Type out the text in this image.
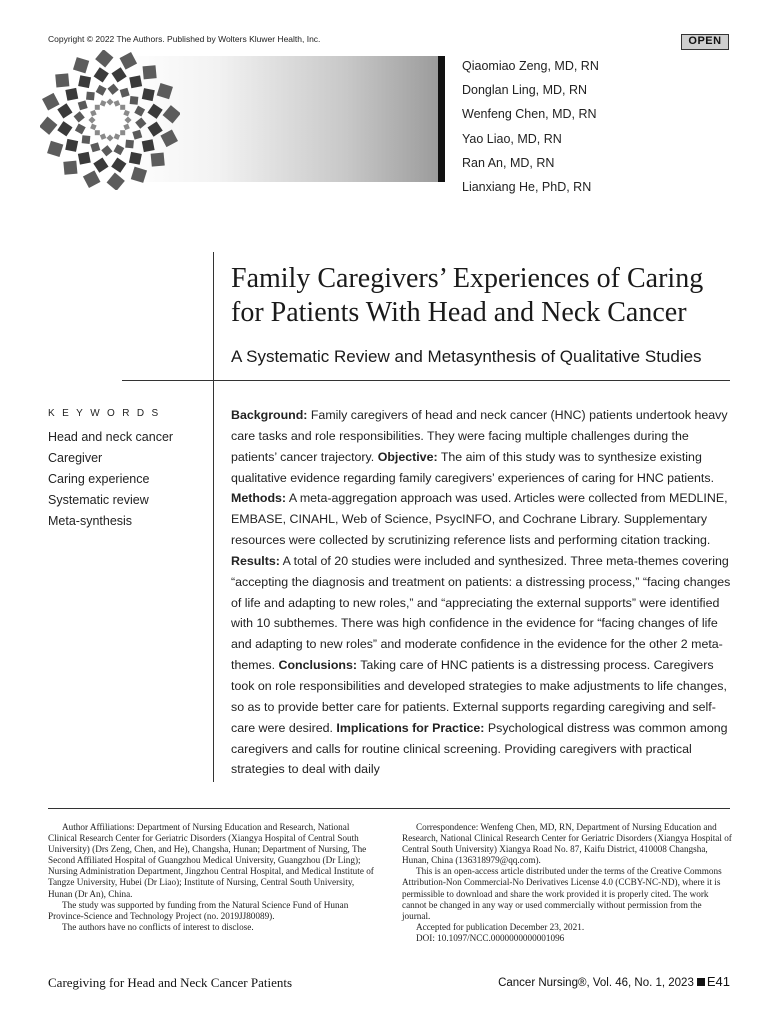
Copyright © 2022 The Authors. Published by Wolters Kluwer Health, Inc.	OPEN
Qiaomiao Zeng, MD, RN
Donglan Ling, MD, RN
Wenfeng Chen, MD, RN
Yao Liao, MD, RN
Ran An, MD, RN
Lianxiang He, PhD, RN
Family Caregivers’ Experiences of Caring
for Patients With Head and Neck Cancer
A Systematic Review and Metasynthesis of Qualitative Studies
KEYWORDS
Head and neck cancer
Caregiver
Caring experience
Systematic review
Meta-synthesis
Background: Family caregivers of head and neck cancer (HNC) patients undertook heavy care tasks and role responsibilities. They were facing multiple challenges during the patients’ cancer trajectory. Objective: The aim of this study was to synthesize existing qualitative evidence regarding family caregivers’ experiences of caring for HNC patients. Methods: A meta-aggregation approach was used. Articles were collected from MEDLINE, EMBASE, CINAHL, Web of Science, PsycINFO, and Cochrane Library. Supplementary resources were collected by scrutinizing reference lists and performing citation tracking. Results: A total of 20 studies were included and synthesized. Three meta-themes covering “accepting the diagnosis and treatment on patients: a distressing process,” “facing changes of life and adapting to new roles,” and “appreciating the external supports” were identified with 10 subthemes. There was high confidence in the evidence for “facing changes of life and adapting to new roles” and moderate confidence in the evidence for the other 2 meta-themes. Conclusions: Taking care of HNC patients is a distressing process. Caregivers took on role responsibilities and developed strategies to make adjustments to life changes, so as to provide better care for patients. External supports regarding caregiving and self-care were desired. Implications for Practice: Psychological distress was common among caregivers and calls for routine clinical screening. Providing caregivers with practical strategies to deal with daily

Author Affiliations: Department of Nursing Education and Research, National Clinical Research Center for Geriatric Disorders (Xiangya Hospital of Central South University) (Drs Zeng, Chen, and He), Changsha, Hunan; Department of Nursing, The Second Affiliated Hospital of Guangzhou Medical University, Guangzhou (Dr Ling); Nursing Administration Department, Jingzhou Central Hospital, and Medical Institute of Tangze University, Hubei (Dr Liao); Institute of Nursing, Central South University, Hunan (Dr An), China.

The study was supported by funding from the Natural Science Fund of Hunan Province-Science and Technology Project (no. 2019JJ80089).

The authors have no conflicts of interest to disclose.

Correspondence: Wenfeng Chen, MD, RN, Department of Nursing Education and Research, National Clinical Research Center for Geriatric Disorders (Xiangya Hospital of Central South University) Xiangya Road No. 87, Kaifu District, 410008 Changsha, Hunan, China (136318979@qq.com).

This is an open-access article distributed under the terms of the Creative Commons Attribution-Non Commercial-No Derivatives License 4.0 (CCBY-NC-ND), where it is permissible to download and share the work provided it is properly cited. The work cannot be changed in any way or used commercially without permission from the journal.

Accepted for publication December 23, 2021.

DOI: 10.1097/NCC.0000000000001096

Caregiving for Head and Neck Cancer Patients	Cancer Nursing®, Vol. 46, No. 1, 2023 E41
